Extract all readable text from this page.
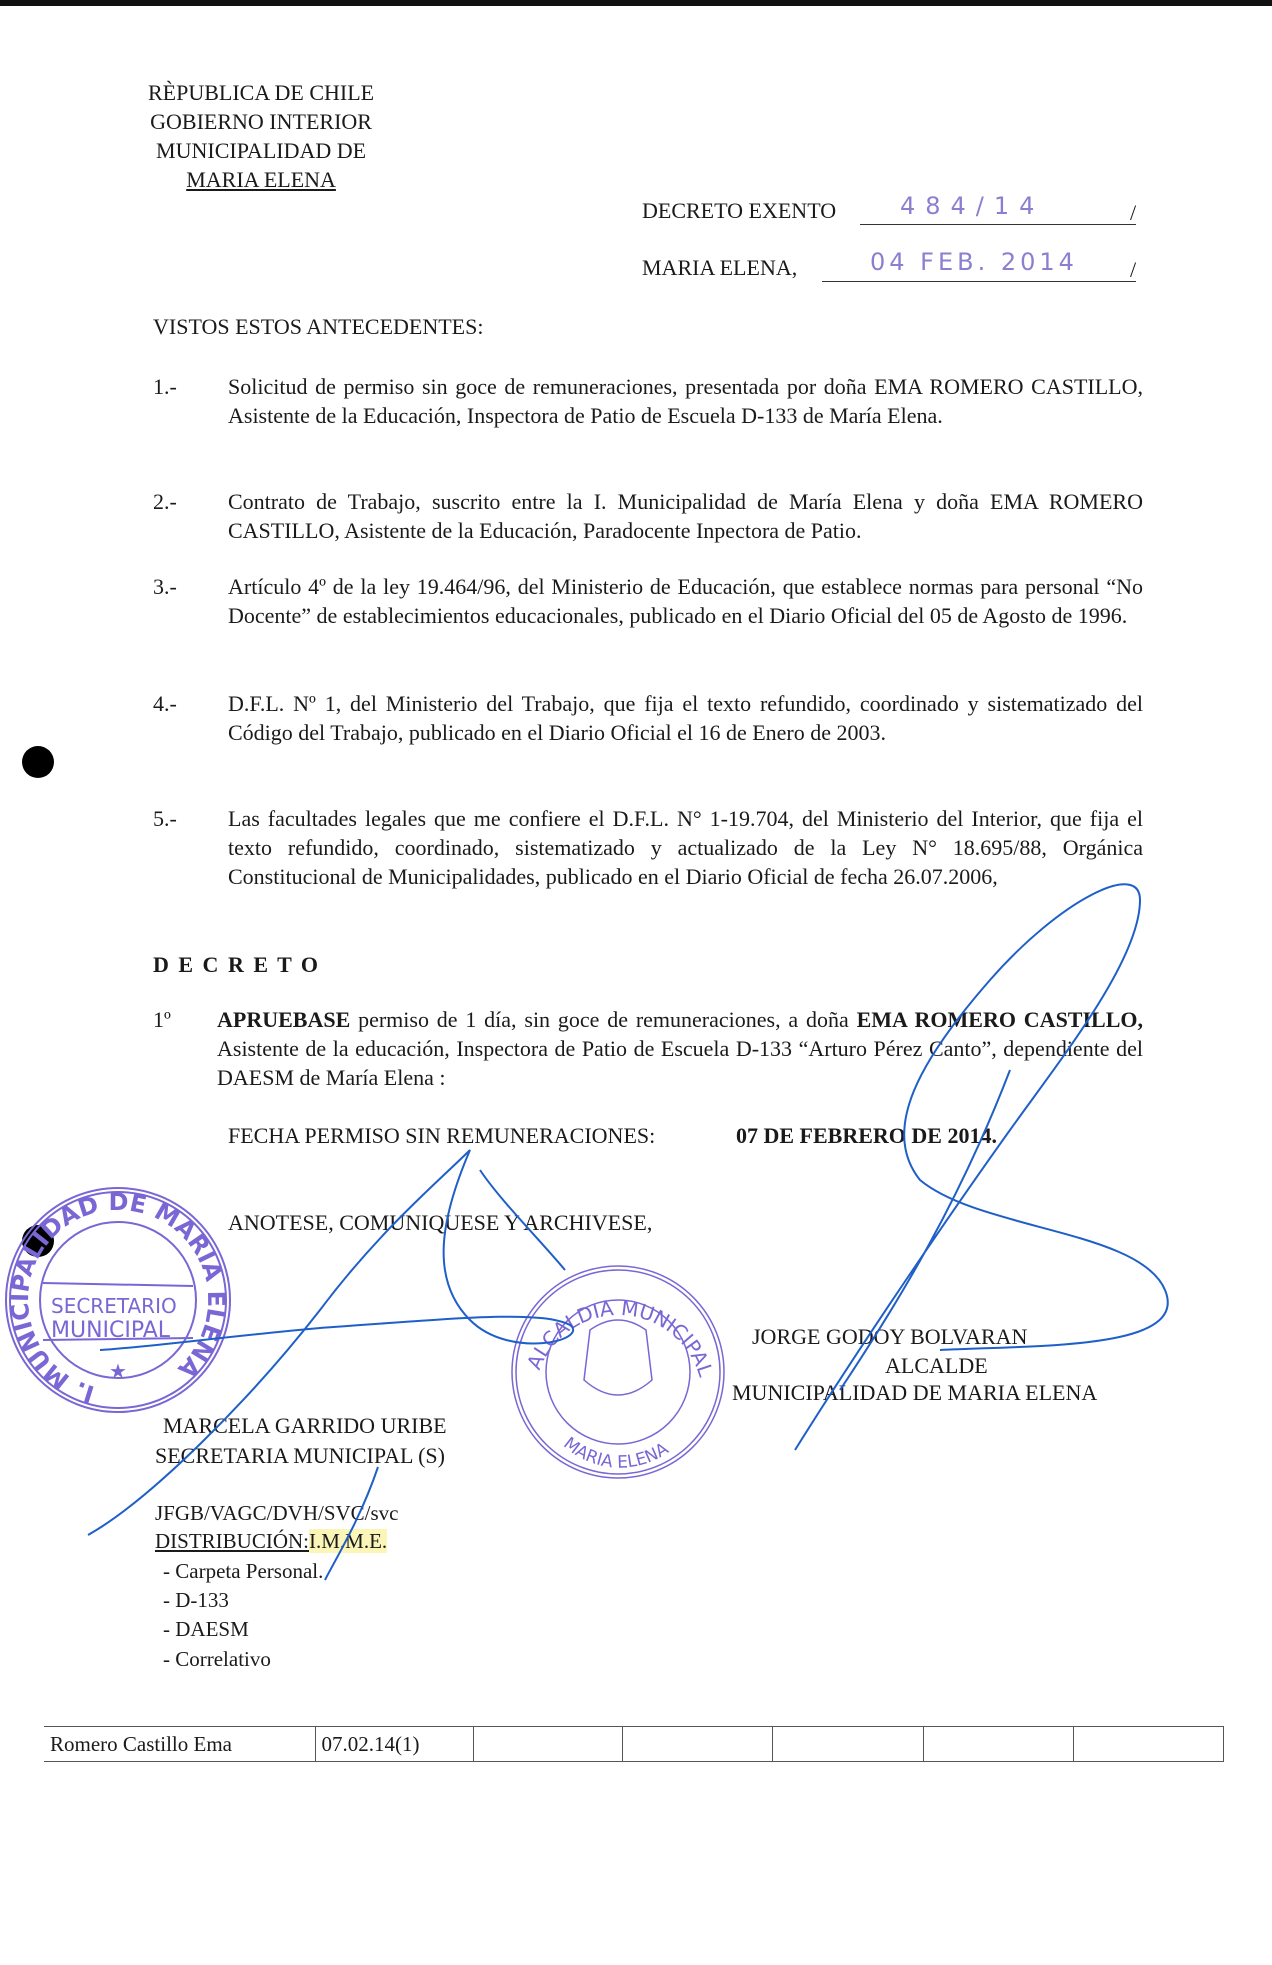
RÈPUBLICA DE CHILE
GOBIERNO INTERIOR
MUNICIPALIDAD DE
MARIA ELENA
DECRETO EXENTO	484/14	/
MARIA ELENA,	04 FEB. 2014 /
VISTOS ESTOS ANTECEDENTES:
1.- Solicitud de permiso sin goce de remuneraciones, presentada por doña EMA ROMERO CASTILLO, Asistente de la Educación, Inspectora de Patio de Escuela D-133 de María Elena.
2.- Contrato de Trabajo, suscrito entre la I. Municipalidad de María Elena y doña EMA ROMERO CASTILLO, Asistente de la Educación, Paradocente Inpectora de Patio.
3.- Artículo 4º de la ley 19.464/96, del Ministerio de Educación, que establece normas para personal “No Docente” de establecimientos educacionales, publicado en el Diario Oficial del 05 de Agosto de 1996.
4.- D.F.L. Nº 1, del Ministerio del Trabajo, que fija el texto refundido, coordinado y sistematizado del Código del Trabajo, publicado en el Diario Oficial el 16 de Enero de 2003.
5.- Las facultades legales que me confiere el D.F.L. N° 1-19.704, del Ministerio del Interior, que fija el texto refundido, coordinado, sistematizado y actualizado de la Ley N° 18.695/88, Orgánica Constitucional de Municipalidades, publicado en el Diario Oficial de fecha 26.07.2006,
D E C R E T O
1º APRUEBASE permiso de 1 día, sin goce de remuneraciones, a doña EMA ROMERO CASTILLO, Asistente de la educación, Inspectora de Patio de Escuela D-133 “Arturo Pérez Canto”, dependiente del DAESM de María Elena :
FECHA PERMISO SIN REMUNERACIONES:	07 DE FEBRERO DE 2014.
ANOTESE, COMUNIQUESE Y ARCHIVESE,
I. MUNICIPALIDAD DE MARIA ELENA
SECRETARIO
MUNICIPAL
★	ALCALDIA MUNICIPAL
MARIA ELENA
JORGE GODOY BOLVARAN
ALCALDE
MUNICIPALIDAD DE MARIA ELENA
MARCELA GARRIDO URIBE
SECRETARIA MUNICIPAL (S)
JFGB/VAGC/DVH/SVC/svc
DISTRIBUCIÓN:I.M.M.E.
- Carpeta Personal.
- D-133
- DAESM
- Correlativo
Romero Castillo Ema	07.02.14(1)					
